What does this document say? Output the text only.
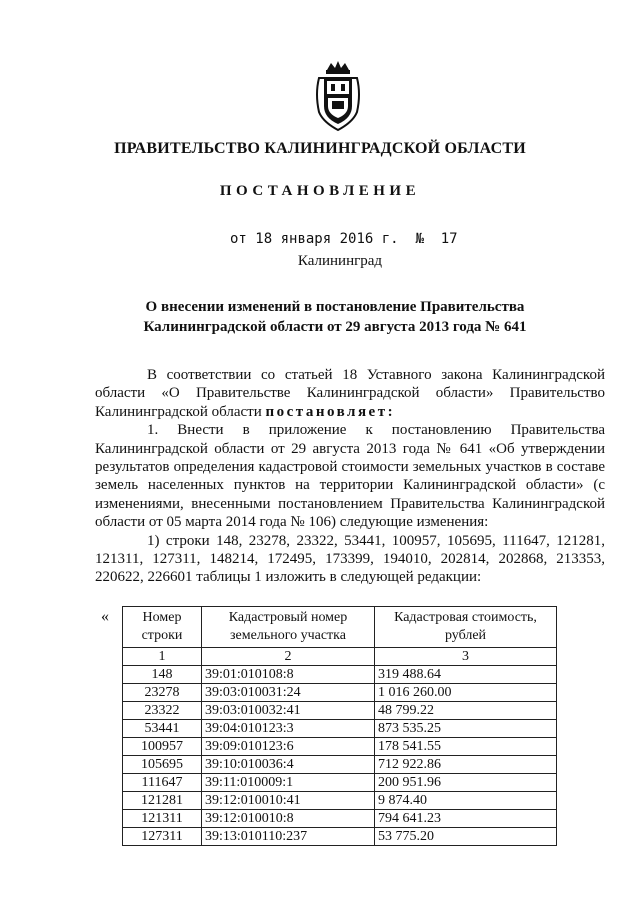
ПРАВИТЕЛЬСТВО КАЛИНИНГРАДСКОЙ ОБЛАСТИ
ПОСТАНОВЛЕНИЕ
от 18 января 2016 г. № 17
Калининград
О внесении изменений в постановление Правительства
Калининградской области от 29 августа 2013 года № 641

В соответствии со статьей 18 Уставного закона Калининградской области «О Правительстве Калининградской области» Правительство Калининградской области постановляет:

1. Внести в приложение к постановлению Правительства Калининградской области от 29 августа 2013 года № 641 «Об утверждении результатов определения кадастровой стоимости земельных участков в составе земель населенных пунктов на территории Калининградской области» (с изменениями, внесенными постановлением Правительства Калининградской области от 05 марта 2014 года № 106) следующие изменения:

1) строки 148, 23278, 23322, 53441, 100957, 105695, 111647, 121281, 121311, 127311, 148214, 172495, 173399, 194010, 202814, 202868, 213353, 220622, 226601 таблицы 1 изложить в следующей редакции:

« Номер строки	Кадастровый номер земельного участка	Кадастровая стоимость, рублей
1	2	3
148	39:01:010108:8	319 488.64
23278	39:03:010031:24	1 016 260.00
23322	39:03:010032:41	48 799.22
53441	39:04:010123:3	873 535.25
100957	39:09:010123:6	178 541.55
105695	39:10:010036:4	712 922.86
111647	39:11:010009:1	200 951.96
121281	39:12:010010:41	9 874.40
121311	39:12:010010:8	794 641.23
127311	39:13:010110:237	53 775.20
